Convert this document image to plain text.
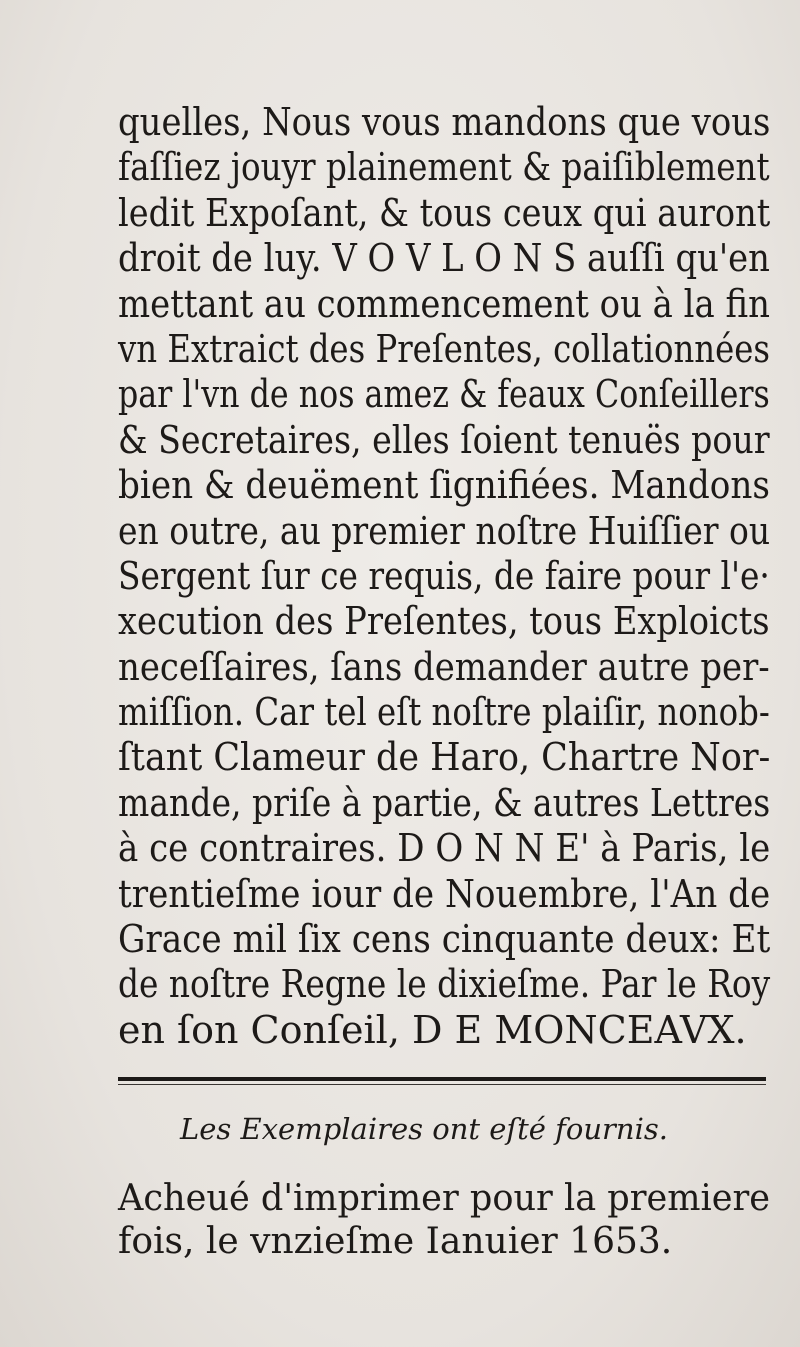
quelles, Nous vous mandons que vous
faſſiez jouyr plainement & paiſiblement
ledit Expoſant, & tous ceux qui auront
droit de luy. V O V L O N S auſſi qu'en
mettant au commencement ou à la fin
vn Extraict des Preſentes, collationnées
par l'vn de nos amez & feaux Conſeillers
& Secretaires, elles ſoient tenuës pour
bien & deuëment ſignifiées. Mandons
en outre, au premier noſtre Huiſſier ou
Sergent ſur ce requis, de faire pour l'e·
xecution des Preſentes, tous Exploicts
neceſſaires, ſans demander autre per-
miſſion. Car tel eſt noſtre plaiſir, nonob-
ſtant Clameur de Haro, Chartre Nor-
mande, priſe à partie, & autres Lettres
à ce contraires. D O N N E' à Paris, le
trentieſme iour de Nouembre, l'An de
Grace mil ſix cens cinquante deux: Et
de noſtre Regne le dixieſme. Par le Roy
en ſon Conſeil, D E MONCEAVX.
Les Exemplaires ont eſté fournis.
Acheué d'imprimer pour la premiere
fois, le vnzieſme Ianuier 1653.
